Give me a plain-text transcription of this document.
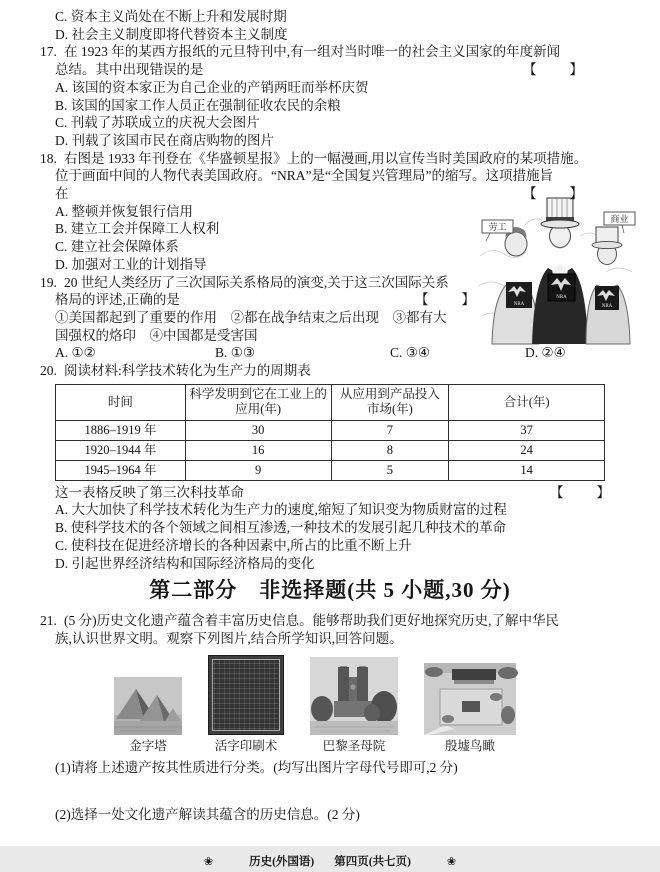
NRA
NRA
NRA
劳工
商业
C. 资本主义尚处在不断上升和发展时期
D. 社会主义制度即将代替资本主义制度
17. 在 1923 年的某西方报纸的元旦特刊中,有一组对当时唯一的社会主义国家的年度新闻
【　　】
总结。其中出现错误的是
A. 该国的资本家正为自己企业的产销两旺而举杯庆贺
B. 该国的国家工作人员正在强制征收农民的余粮
C. 刊载了苏联成立的庆祝大会图片
D. 刊载了该国市民在商店购物的图片
18. 右图是 1933 年刊登在《华盛顿星报》上的一幅漫画,用以宣传当时美国政府的某项措施。
位于画面中间的人物代表美国政府。“NRA”是“全国复兴管理局”的缩写。这项措施旨
【　　】
在
A. 整顿并恢复银行信用
B. 建立工会并保障工人权利
C. 建立社会保障体系
D. 加强对工业的计划指导
19. 20 世纪人类经历了三次国际关系格局的演变,关于这三次国际关系
【　　】
格局的评述,正确的是
①美国都起到了重要的作用　②都在战争结束之后出现　③都有大
国强权的烙印　④中国都是受害国
A. ①②	B. ①③	C. ③④	D. ②④
20. 阅读材料:科学技术转化为生产力的周期表
时间	科学发明到它在工业上的应用(年)	从应用到产品投入市场(年)	合计(年)
1886–1919 年	30	7	37
1920–1944 年	16	8	24
1945–1964 年	9	5	14
【　　】
这一表格反映了第三次科技革命
A. 大大加快了科学技术转化为生产力的速度,缩短了知识变为物质财富的过程
B. 使科学技术的各个领域之间相互渗透,一种技术的发展引起几种技术的革命
C. 使科技在促进经济增长的各种因素中,所占的比重不断上升
D. 引起世界经济结构和国际经济格局的变化
第二部分　非选择题(共 5 小题,30 分)
21. (5 分)历史文化遗产蕴含着丰富历史信息。能够帮助我们更好地探究历史,了解中华民
族,认识世界文明。观察下列图片,结合所学知识,回答问题。
金字塔	活字印刷术	巴黎圣母院	殷墟鸟瞰
(1)请将上述遗产按其性质进行分类。(均写出图片字母代号即可,2 分)
(2)选择一处文化遗产解读其蕴含的历史信息。(2 分)
❀	历史(外国语) 第四页(共七页)	❀
